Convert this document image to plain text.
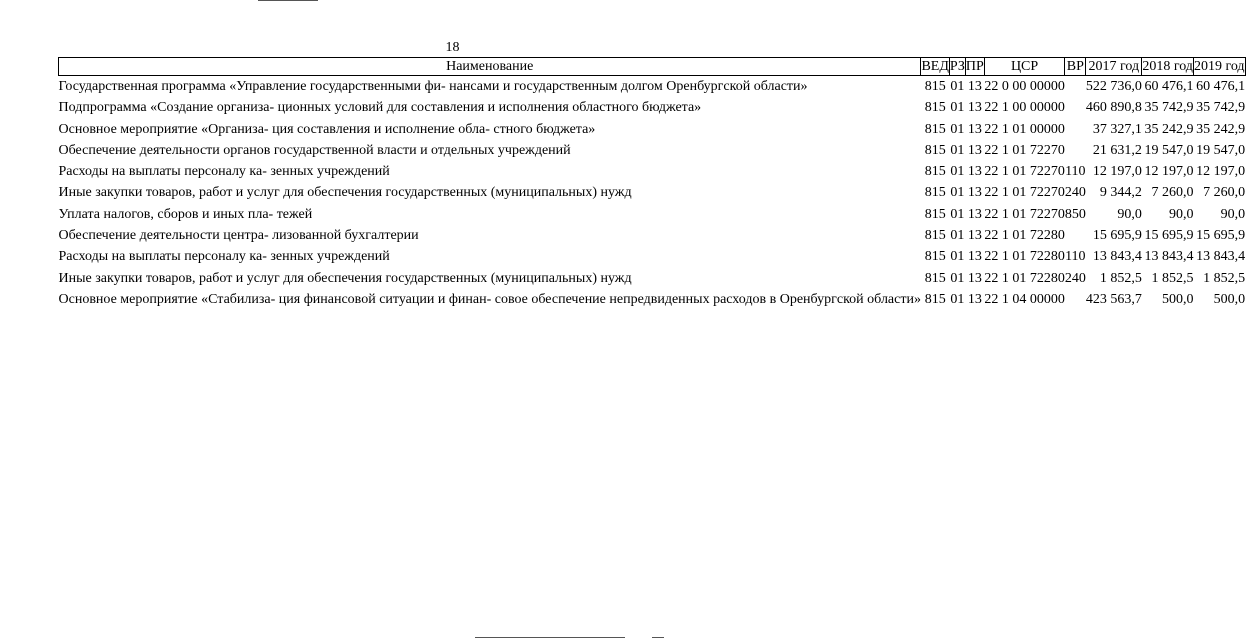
18
Наименование	ВЕД	РЗ	ПР	ЦСР	ВР	2017 год	2018 год	2019 год
Государственная программа «Управление государственными фи- нансами и государственным долгом Оренбургской области»	815	01	13	22 0 00 00000		522 736,0	60 476,1	60 476,1
Подпрограмма «Создание организа- ционных условий для составления и исполнения областного бюджета»	815	01	13	22 1 00 00000		460 890,8	35 742,9	35 742,9
Основное мероприятие «Организа- ция составления и исполнение обла- стного бюджета»	815	01	13	22 1 01 00000		37 327,1	35 242,9	35 242,9
Обеспечение деятельности органов государственной власти и отдельных учреждений	815	01	13	22 1 01 72270		21 631,2	19 547,0	19 547,0
Расходы на выплаты персоналу ка- зенных учреждений	815	01	13	22 1 01 72270	110	12 197,0	12 197,0	12 197,0
Иные закупки товаров, работ и услуг для обеспечения государственных (муниципальных) нужд	815	01	13	22 1 01 72270	240	9 344,2	7 260,0	7 260,0
Уплата налогов, сборов и иных пла- тежей	815	01	13	22 1 01 72270	850	90,0	90,0	90,0
Обеспечение деятельности центра- лизованной бухгалтерии	815	01	13	22 1 01 72280		15 695,9	15 695,9	15 695,9
Расходы на выплаты персоналу ка- зенных учреждений	815	01	13	22 1 01 72280	110	13 843,4	13 843,4	13 843,4
Иные закупки товаров, работ и услуг для обеспечения государственных (муниципальных) нужд	815	01	13	22 1 01 72280	240	1 852,5	1 852,5	1 852,5
Основное мероприятие «Стабилиза- ция финансовой ситуации и финан- совое обеспечение непредвиденных расходов в Оренбургской области»	815	01	13	22 1 04 00000		423 563,7	500,0	500,0
